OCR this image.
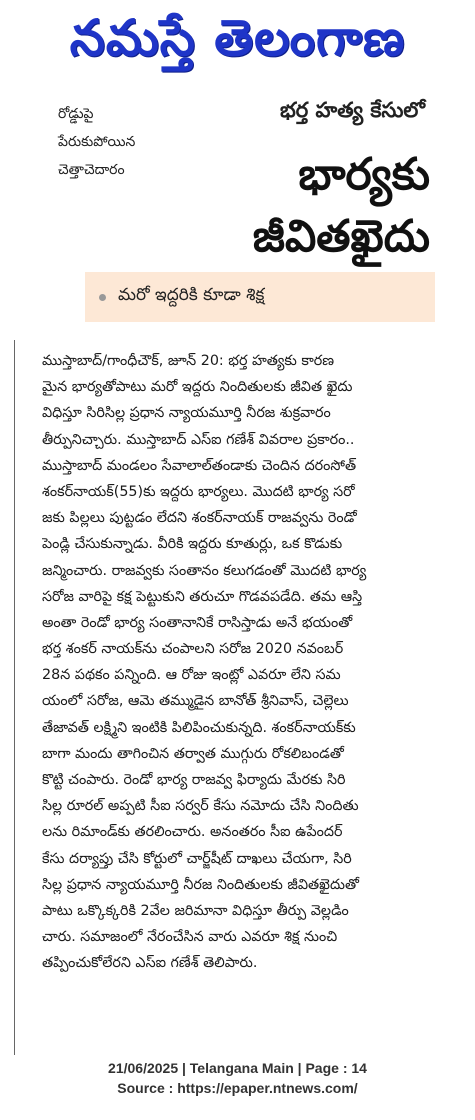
నమస్తే తెలంగాణ
రోడ్డుపై
పేరుకుపోయిన
చెత్తాచెదారం
భర్త హత్య కేసులో
భార్యకు
జీవితఖైదు
మరో ఇద్దరికి కూడా శిక్ష
ముస్తాబాద్/గాంధీచౌక్, జూన్ 20: భర్త హత్యకు కారణ
మైన భార్యతోపాటు మరో ఇద్దరు నిందితులకు జీవిత ఖైదు
విధిస్తూ సిరిసిల్ల ప్రధాన న్యాయమూర్తి నీరజ శుక్రవారం
తీర్పునిచ్చారు. ముస్తాబాద్ ఎస్ఐ గణేశ్ వివరాల ప్రకారం..
ముస్తాబాద్ మండలం సేవాలాల్‌తండాకు చెందిన దరంసోత్
శంకర్‌నాయక్(55)కు ఇద్దరు భార్యలు. మొదటి భార్య సరో
జకు పిల్లలు పుట్టడం లేదని శంకర్‌నాయక్ రాజవ్వను రెండో
పెండ్లి చేసుకున్నాడు. వీరికి ఇద్దరు కూతుర్లు, ఒక కొడుకు
జన్మించారు. రాజవ్వకు సంతానం కలుగడంతో మొదటి భార్య
సరోజ వారిపై కక్ష పెట్టుకుని తరుచూ గొడవపడేది. తమ ఆస్తి
అంతా రెండో భార్య సంతానానికే రాసిస్తాడు అనే భయంతో
భర్త శంకర్ నాయక్‌ను చంపాలని సరోజ 2020 నవంబర్
28న పథకం పన్నింది. ఆ రోజు ఇంట్లో ఎవరూ లేని సమ
యంలో సరోజ, ఆమె తమ్ముడైన బానోత్ శ్రీనివాస్, చెల్లెలు
తేజావత్ లక్ష్మిని ఇంటికి పిలిపించుకున్నది. శంకర్‌నాయక్‌కు
బాగా మందు తాగించిన తర్వాత ముగ్గురు రోకలిబండతో
కొట్టి చంపారు. రెండో భార్య రాజవ్వ ఫిర్యాదు మేరకు సిరి
సిల్ల రూరల్ అప్పటి సీఐ సర్వర్ కేసు నమోదు చేసి నిందితు
లను రిమాండ్‌కు తరలించారు. అనంతరం సీఐ ఉపేందర్
కేసు దర్యాప్తు చేసి కోర్టులో చార్జ్‌షీట్ దాఖలు చేయగా, సిరి
సిల్ల ప్రధాన న్యాయమూర్తి నీరజ నిందితులకు జీవితఖైదుతో
పాటు ఒక్కొక్కరికి 2వేల జరిమానా విధిస్తూ తీర్పు వెల్లడిం
చారు. సమాజంలో నేరంచేసిన వారు ఎవరూ శిక్ష నుంచి
తప్పించుకోలేరని ఎస్ఐ గణేశ్ తెలిపారు.
21/06/2025 | Telangana Main | Page : 14
Source : https://epaper.ntnews.com/
